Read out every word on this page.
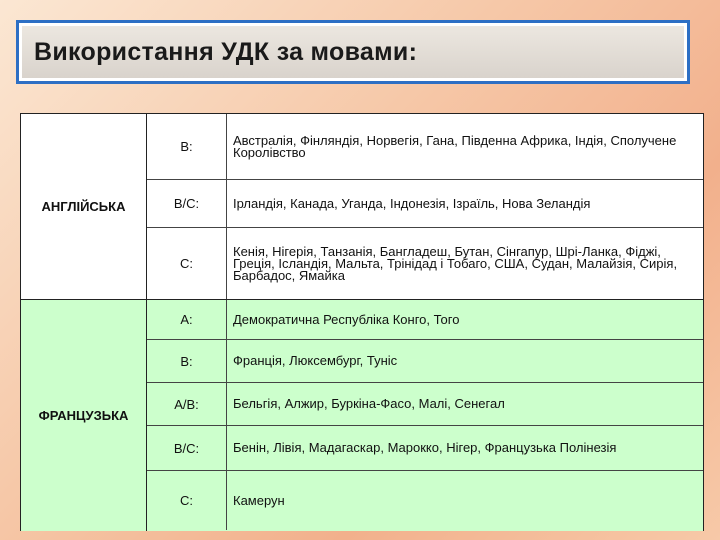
Використання УДК за мовами:
АНГЛІЙСЬКА
B:	Австралія, Фінляндія, Норвегія, Гана, Південна Африка, Індія, Сполучене Королівство
B/C:	Ірландія, Канада, Уганда, Індонезія, Ізраїль, Нова Зеландія
C:
Кенія, Нігерія, Танзанія, Бангладеш, Бутан, Сінгапур, Шрі-Ланка, Фіджі, Греція, Ісландія, Мальта, Трінідад і Тобаго, США, Судан, Малайзія, Сирія, Барбадос, Ямайка
ФРАНЦУЗЬКА
A:	Демократична Республіка Конго, Того
B:	Франція, Люксембург, Туніс
A/B:	Бельгія, Алжир, Буркіна-Фасо, Малі, Сенегал
B/C:	Бенін, Лівія, Мадагаскар, Марокко, Нігер, Французька Полінезія
C:	Камерун
